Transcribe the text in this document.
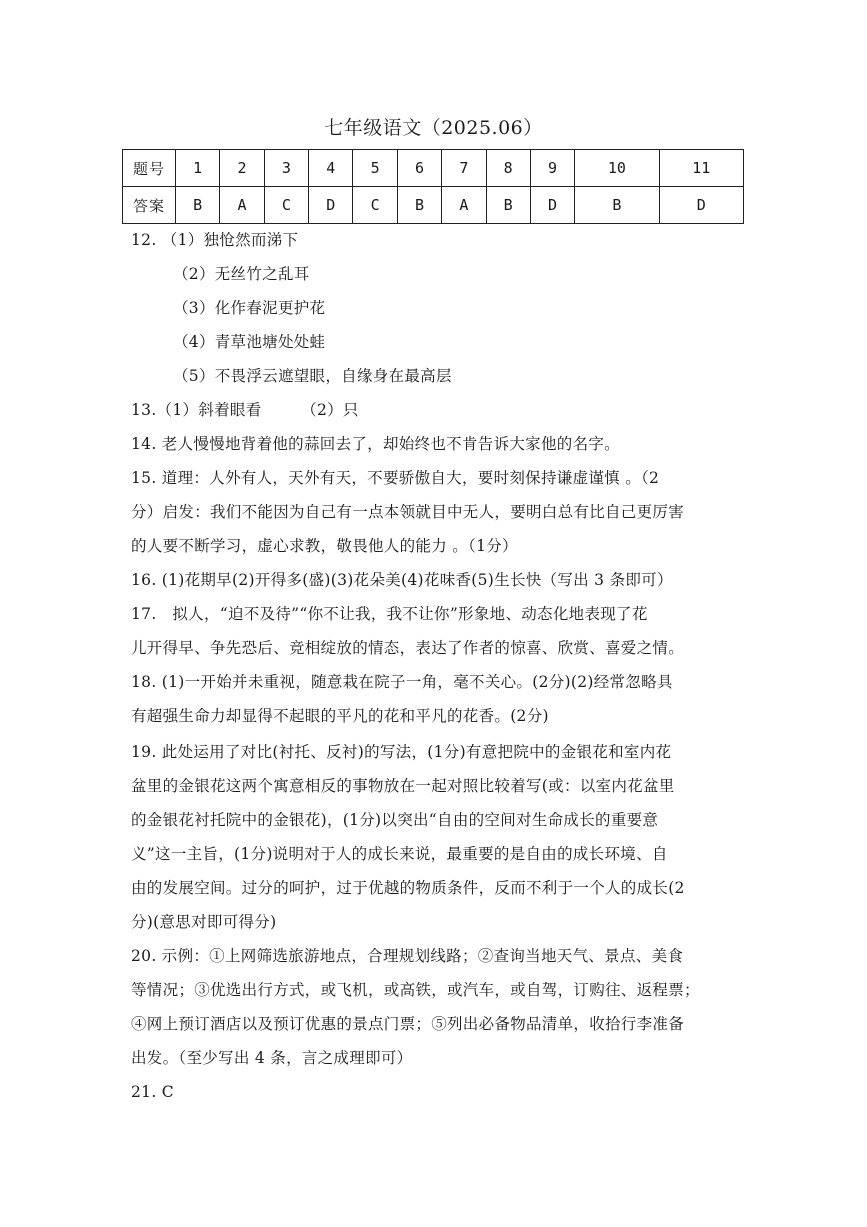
七年级语文（2025.06）
题号	1	2	3	4	5	6	7	8	9	10	11
答案	B	A	C	D	C	B	A	B	D	B	D
12. （1）独怆然而涕下
（2）无丝竹之乱耳
（3）化作春泥更护花
（4）青草池塘处处蛙
（5）不畏浮云遮望眼，自缘身在最高层
13.（1）斜着眼看　　　（2）只
14. 老人慢慢地背着他的蒜回去了，却始终也不肯告诉大家他的名字。
15. 道理：人外有人，天外有天，不要骄傲自大，要时刻保持谦虚谨慎 。（2
分）启发：我们不能因为自己有一点本领就目中无人，要明白总有比自己更厉害
的人要不断学习，虚心求教，敬畏他人的能力 。（1分）
16. (1)花期早(2)开得多(盛)(3)花朵美(4)花味香(5)生长快（写出 3 条即可）
17.　拟人，“迫不及待”“你不让我，我不让你”形象地、动态化地表现了花
儿开得早、争先恐后、竞相绽放的情态，表达了作者的惊喜、欣赏、喜爱之情。
18. (1)一开始并未重视，随意栽在院子一角，毫不关心。(2分)(2)经常忽略具
有超强生命力却显得不起眼的平凡的花和平凡的花香。(2分)
19. 此处运用了对比(衬托、反衬)的写法，(1分)有意把院中的金银花和室内花
盆里的金银花这两个寓意相反的事物放在一起对照比较着写(或：以室内花盆里
的金银花衬托院中的金银花)，(1分)以突出“自由的空间对生命成长的重要意
义”这一主旨，(1分)说明对于人的成长来说，最重要的是自由的成长环境、自
由的发展空间。过分的呵护，过于优越的物质条件，反而不利于一个人的成长(2
分)(意思对即可得分)
20. 示例：①上网筛选旅游地点，合理规划线路；②查询当地天气、景点、美食
等情况；③优选出行方式，或飞机，或高铁，或汽车，或自驾，订购往、返程票；
④网上预订酒店以及预订优惠的景点门票；⑤列出必备物品清单，收拾行李准备
出发。（至少写出 4 条，言之成理即可）
21. C
